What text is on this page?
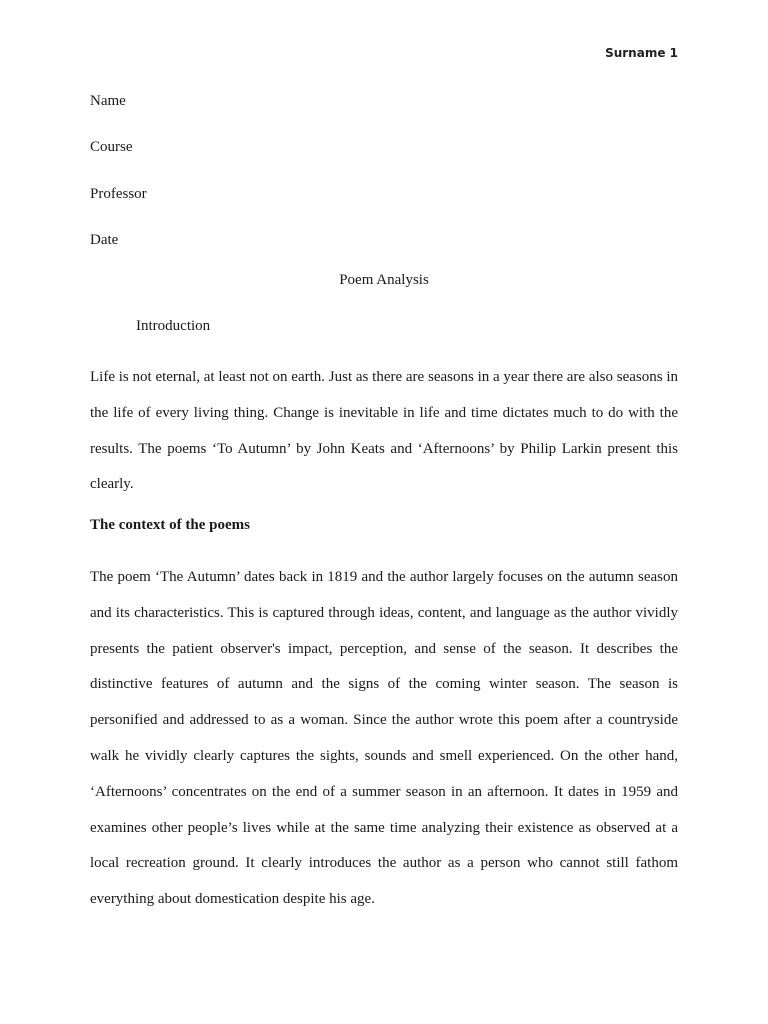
Surname 1
Name
Course
Professor
Date
Poem Analysis
Introduction

Life is not eternal, at least not on earth. Just as there are seasons in a year there are also seasons in the life of every living thing. Change is inevitable in life and time dictates much to do with the results. The poems ‘To Autumn’ by John Keats and ‘Afternoons’ by Philip Larkin present this clearly.

The context of the poems

The poem ‘The Autumn’ dates back in 1819 and the author largely focuses on the autumn season and its characteristics. This is captured through ideas, content, and language as the author vividly presents the patient observer's impact, perception, and sense of the season. It describes the distinctive features of autumn and the signs of the coming winter season. The season is personified and addressed to as a woman. Since the author wrote this poem after a countryside walk he vividly clearly captures the sights, sounds and smell experienced. On the other hand, ‘Afternoons’ concentrates on the end of a summer season in an afternoon. It dates in 1959 and examines other people’s lives while at the same time analyzing their existence as observed at a local recreation ground. It clearly introduces the author as a person who cannot still fathom everything about domestication despite his age.
